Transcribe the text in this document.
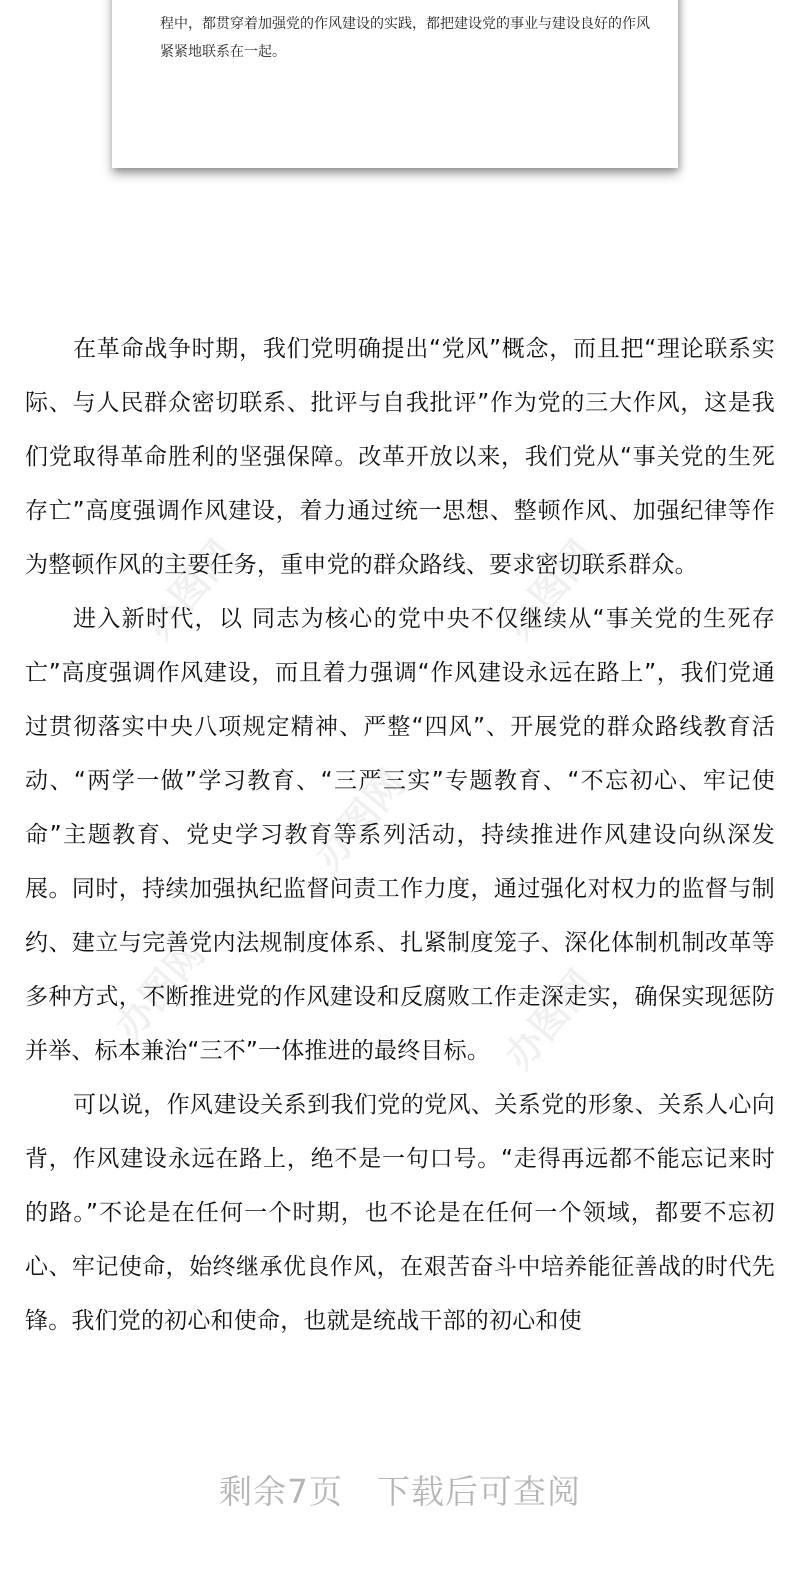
程中，都贯穿着加强党的作风建设的实践，都把建设党的事业与建设良好的作风紧紧地联系在一起。

办图网	办图网
办图网
办图网	办图网

在革命战争时期，我们党明确提出“党风”概念，而且把“理论联系实际、与人民群众密切联系、批评与自我批评”作为党的三大作风，这是我们党取得革命胜利的坚强保障。改革开放以来，我们党从“事关党的生死存亡”高度强调作风建设，着力通过统一思想、整顿作风、加强纪律等作为整顿作风的主要任务，重申党的群众路线、要求密切联系群众。

进入新时代，以 同志为核心的党中央不仅继续从“事关党的生死存亡”高度强调作风建设，而且着力强调“作风建设永远在路上”，我们党通过贯彻落实中央八项规定精神、严整“四风”、开展党的群众路线教育活动、“两学一做”学习教育、“三严三实”专题教育、“不忘初心、牢记使命”主题教育、党史学习教育等系列活动，持续推进作风建设向纵深发展。同时，持续加强执纪监督问责工作力度，通过强化对权力的监督与制约、建立与完善党内法规制度体系、扎紧制度笼子、深化体制机制改革等多种方式，不断推进党的作风建设和反腐败工作走深走实，确保实现惩防并举、标本兼治“三不”一体推进的最终目标。

可以说，作风建设关系到我们党的党风、关系党的形象、关系人心向背，作风建设永远在路上，绝不是一句口号。“走得再远都不能忘记来时的路。”不论是在任何一个时期，也不论是在任何一个领域，都要不忘初心、牢记使命，始终继承优良作风，在艰苦奋斗中培养能征善战的时代先锋。我们党的初心和使命，也就是统战干部的初心和使

剩余7页 下载后可查阅
